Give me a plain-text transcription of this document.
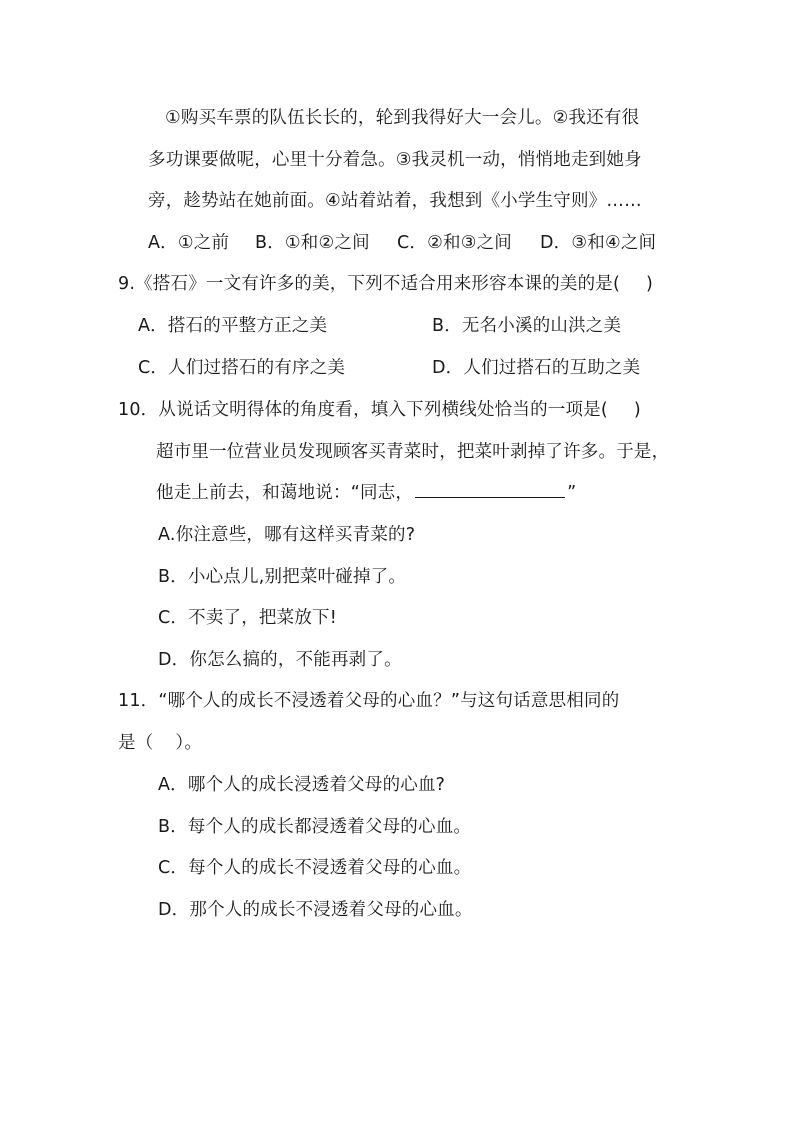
①购买车票的队伍长长的，轮到我得好大一会儿。②我还有很
多功课要做呢，心里十分着急。③我灵机一动，悄悄地走到她身
旁，趁势站在她前面。④站着站着，我想到《小学生守则》……
A．①之前 B．①和②之间 C．②和③之间 D．③和④之间
9.《搭石》一文有许多的美，下列不适合用来形容本课的美的是( )
A．搭石的平整方正之美	B．无名小溪的山洪之美
C．人们过搭石的有序之美	D．人们过搭石的互助之美
10．从说话文明得体的角度看，填入下列横线处恰当的一项是( )
超市里一位营业员发现顾客买青菜时，把菜叶剥掉了许多。于是，
他走上前去，和蔼地说：“同志，	”
A.你注意些，哪有这样买青菜的?
B．小心点儿,别把菜叶碰掉了。
C．不卖了，把菜放下!
D．你怎么搞的，不能再剥了。
11．“哪个人的成长不浸透着父母的心血？”与这句话意思相同的
是（ ）。
A．哪个人的成长浸透着父母的心血?
B．每个人的成长都浸透着父母的心血。
C．每个人的成长不浸透着父母的心血。
D．那个人的成长不浸透着父母的心血。
